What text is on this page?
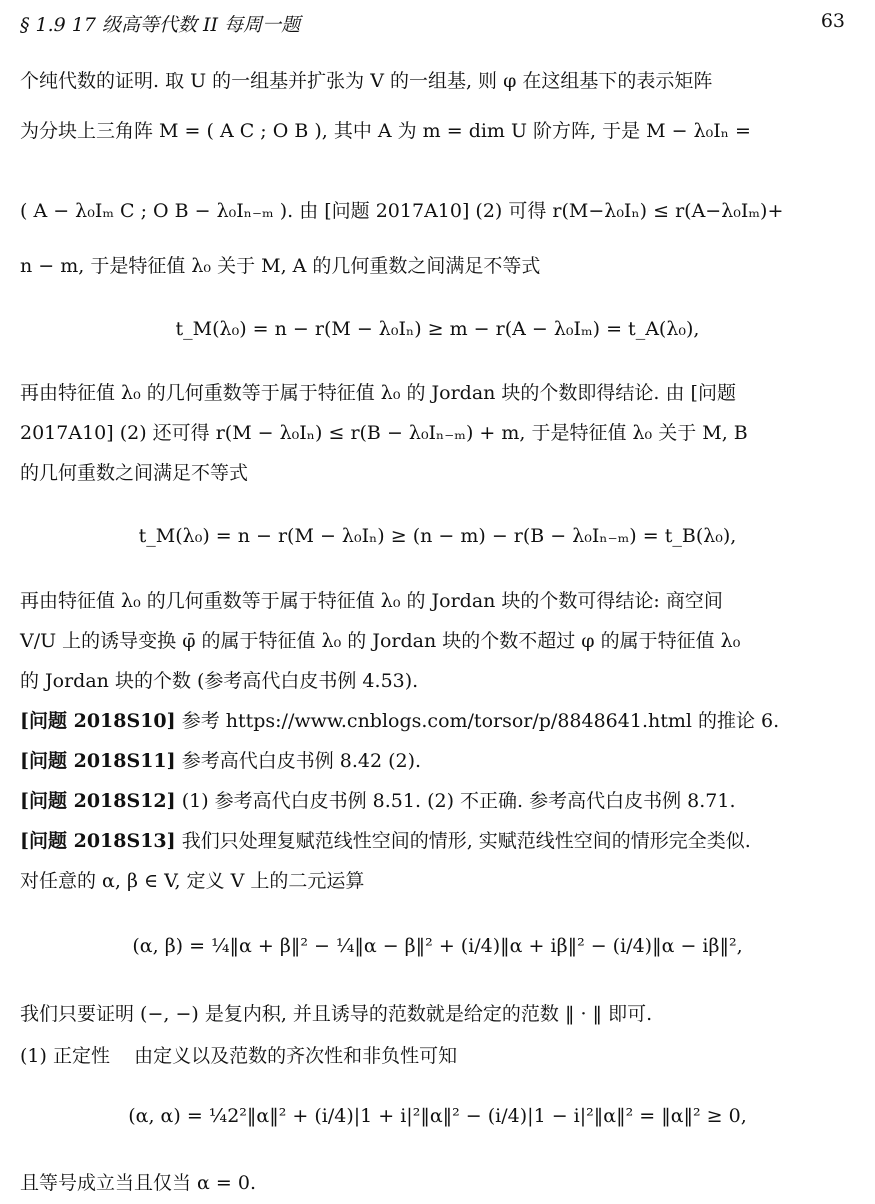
§ 1.9 17 级高等代数 II 每周一题	63
个纯代数的证明. 取 U 的一组基并扩张为 V 的一组基, 则 φ 在这组基下的表示矩阵
为分块上三角阵 M = ( A C ; O B ), 其中 A 为 m = dim U 阶方阵, 于是 M − λ₀Iₙ =
( A − λ₀Iₘ C ; O B − λ₀Iₙ₋ₘ ). 由 [问题 2017A10] (2) 可得 r(M−λ₀Iₙ) ≤ r(A−λ₀Iₘ)+
n − m, 于是特征值 λ₀ 关于 M, A 的几何重数之间满足不等式
t_M(λ₀) = n − r(M − λ₀Iₙ) ≥ m − r(A − λ₀Iₘ) = t_A(λ₀),
再由特征值 λ₀ 的几何重数等于属于特征值 λ₀ 的 Jordan 块的个数即得结论. 由 [问题
2017A10] (2) 还可得 r(M − λ₀Iₙ) ≤ r(B − λ₀Iₙ₋ₘ) + m, 于是特征值 λ₀ 关于 M, B
的几何重数之间满足不等式
t_M(λ₀) = n − r(M − λ₀Iₙ) ≥ (n − m) − r(B − λ₀Iₙ₋ₘ) = t_B(λ₀),
再由特征值 λ₀ 的几何重数等于属于特征值 λ₀ 的 Jordan 块的个数可得结论: 商空间
V/U 上的诱导变换 φ̄ 的属于特征值 λ₀ 的 Jordan 块的个数不超过 φ 的属于特征值 λ₀
的 Jordan 块的个数 (参考高代白皮书例 4.53).
[问题 2018S10] 参考 https://www.cnblogs.com/torsor/p/8848641.html 的推论 6.
[问题 2018S11] 参考高代白皮书例 8.42 (2).
[问题 2018S12] (1) 参考高代白皮书例 8.51. (2) 不正确. 参考高代白皮书例 8.71.
[问题 2018S13] 我们只处理复赋范线性空间的情形, 实赋范线性空间的情形完全类似.
对任意的 α, β ∈ V, 定义 V 上的二元运算
(α, β) = ¼‖α + β‖² − ¼‖α − β‖² + (i/4)‖α + iβ‖² − (i/4)‖α − iβ‖²,
我们只要证明 (−, −) 是复内积, 并且诱导的范数就是给定的范数 ‖ · ‖ 即可.
(1) 正定性 由定义以及范数的齐次性和非负性可知
(α, α) = ¼2²‖α‖² + (i/4)|1 + i|²‖α‖² − (i/4)|1 − i|²‖α‖² = ‖α‖² ≥ 0,
且等号成立当且仅当 α = 0.
